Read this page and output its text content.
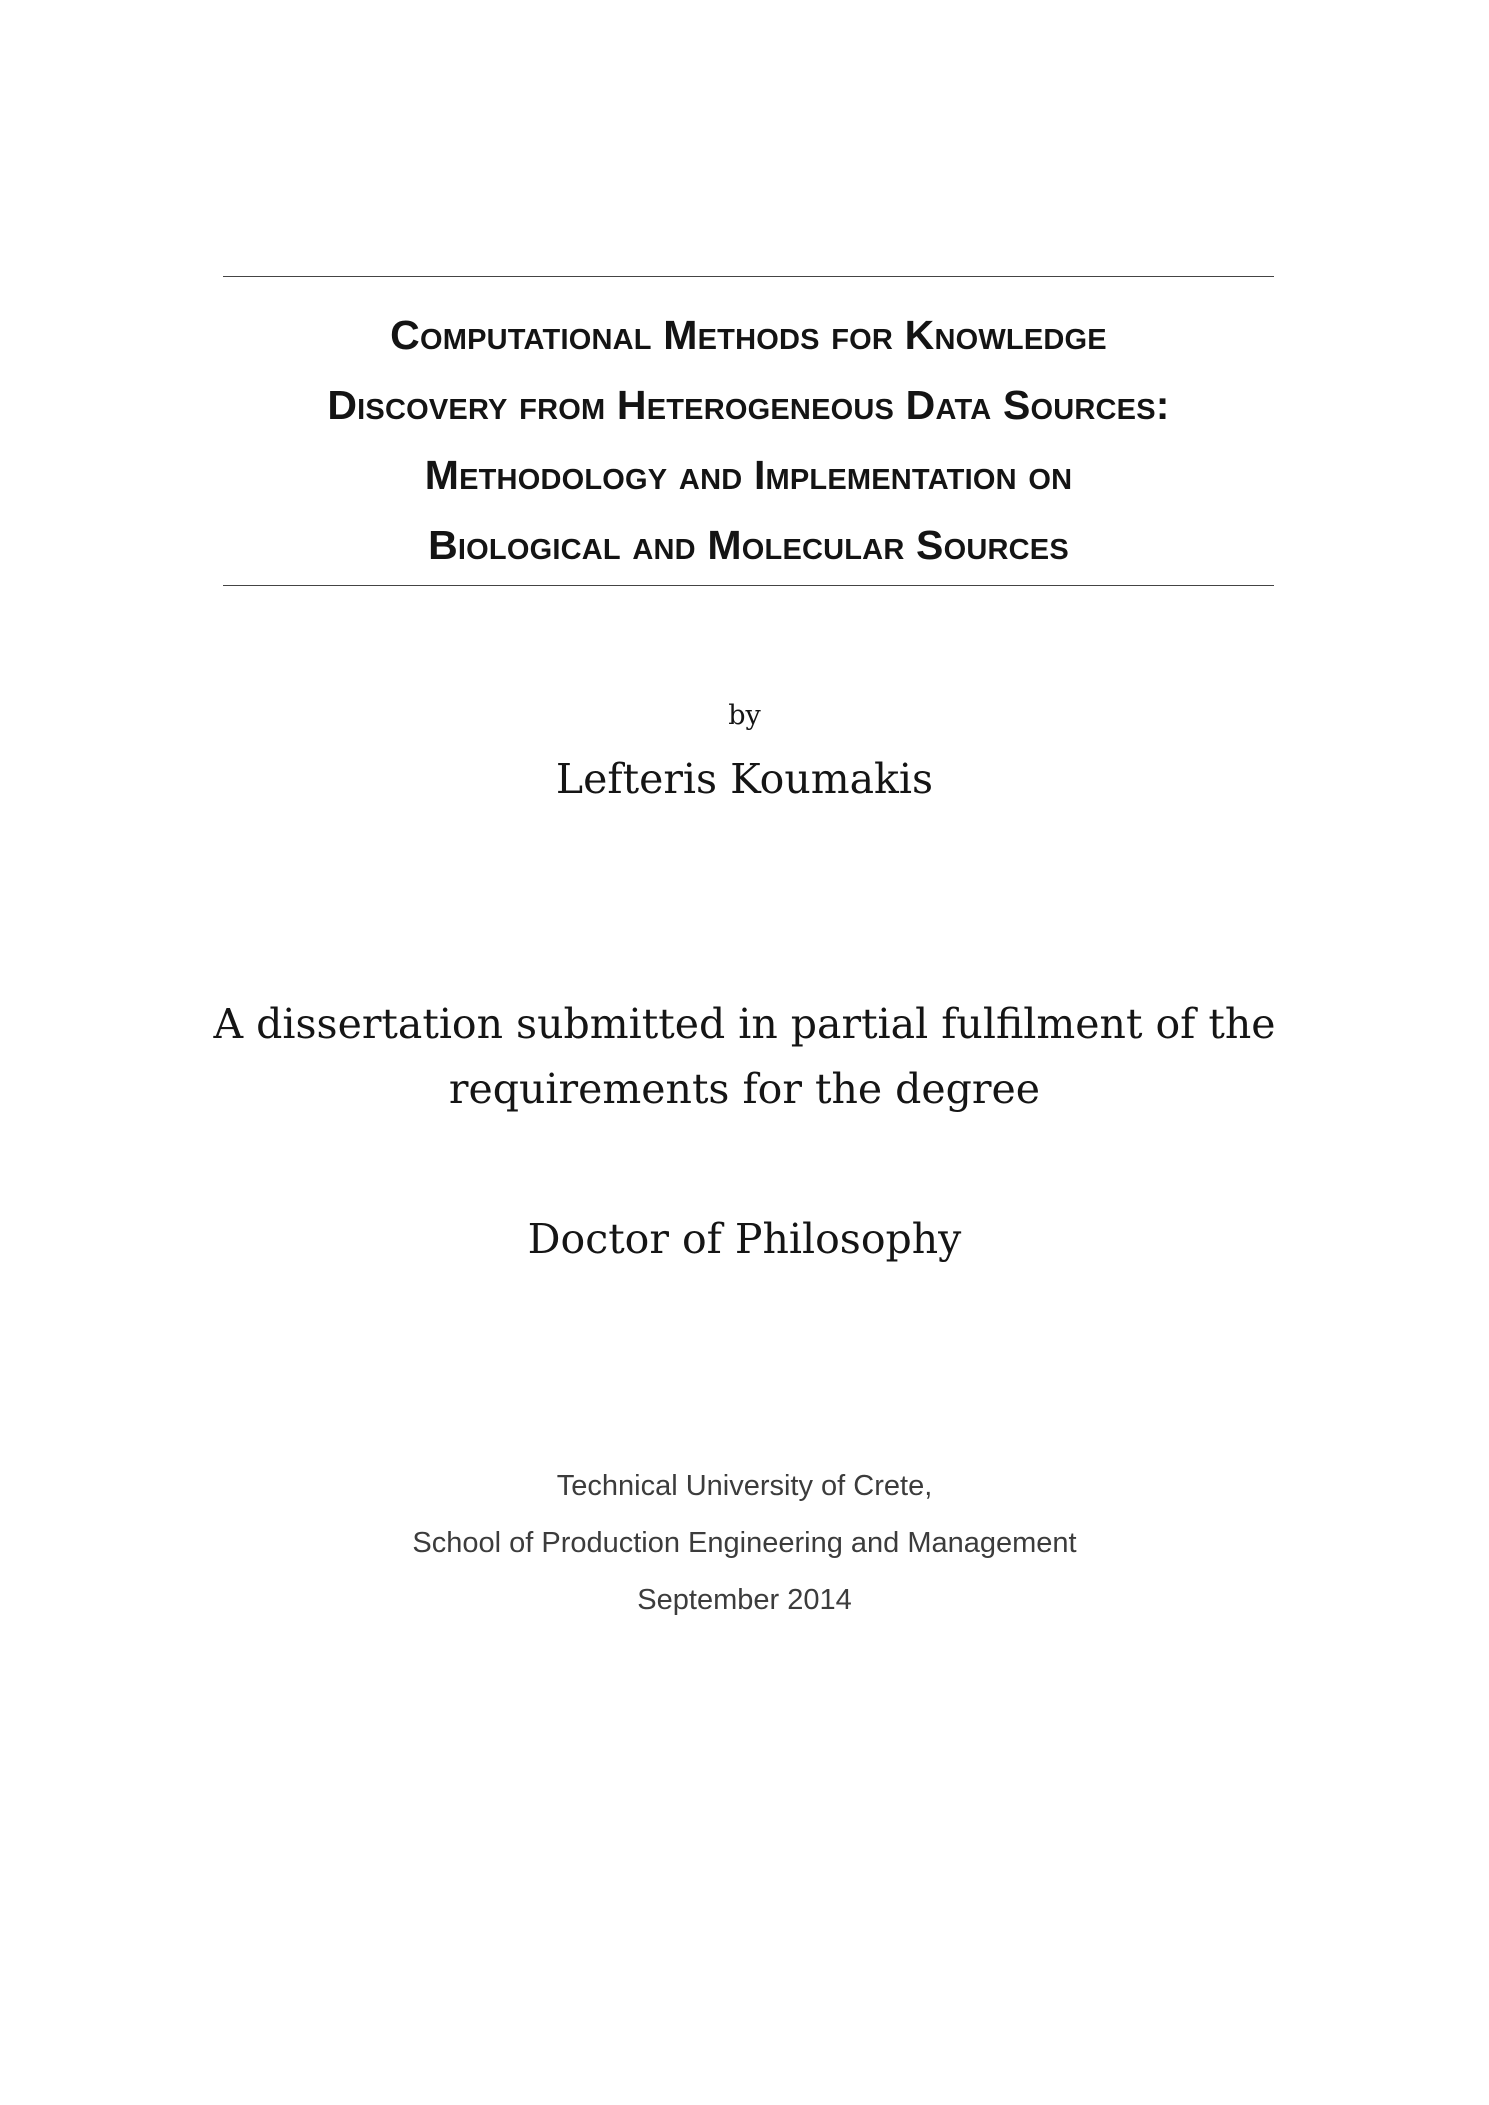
Computational Methods for Knowledge
Discovery from Heterogeneous Data Sources:
Methodology and Implementation on
Biological and Molecular Sources
by
Lefteris Koumakis
A dissertation submitted in partial fulfilment of the
requirements for the degree
Doctor of Philosophy
Technical University of Crete,
School of Production Engineering and Management
September 2014
